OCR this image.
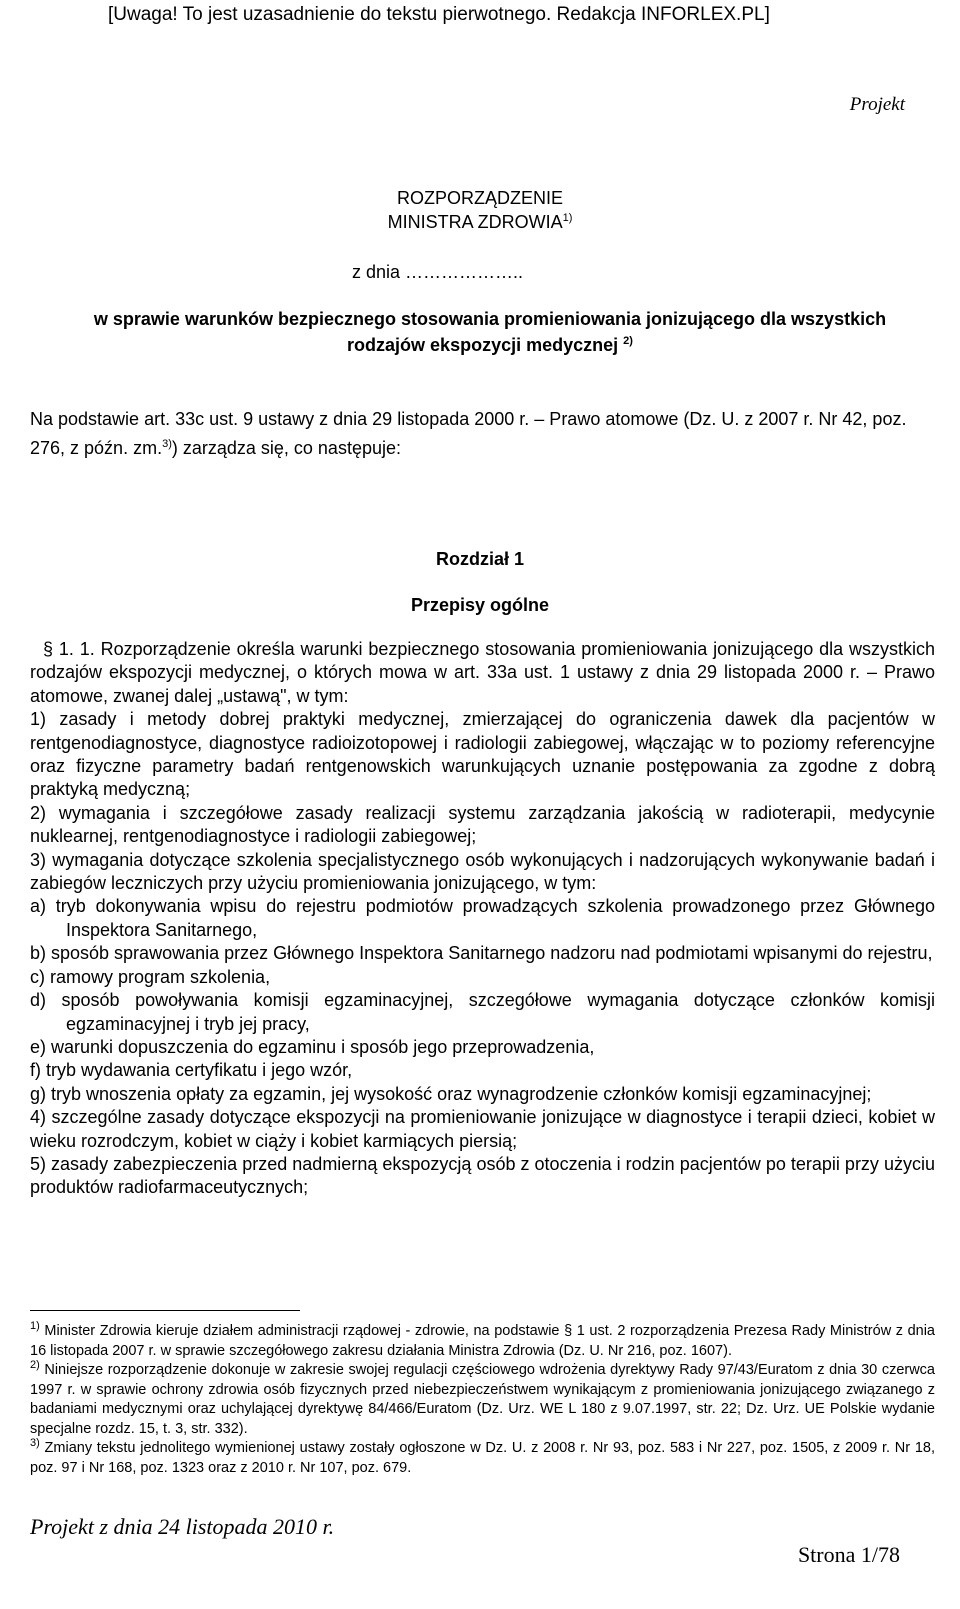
[Uwaga! To jest uzasadnienie do tekstu pierwotnego. Redakcja INFORLEX.PL]
Projekt
ROZPORZĄDZENIE
MINISTRA ZDROWIA$^{1)}$
z dnia ………………..
w sprawie warunków bezpiecznego stosowania promieniowania jonizującego dla wszystkich
rodzajów ekspozycji medycznej $^{2)}$
Na podstawie art. 33c ust. 9 ustawy z dnia 29 listopada 2000 r. – Prawo atomowe (Dz. U. z 2007 r. Nr 42, poz. 276, z późn. zm.$^{3)}$) zarządza się, co następuje:
Rozdział 1
Przepisy ogólne

§ 1. 1. Rozporządzenie określa warunki bezpiecznego stosowania promieniowania jonizującego dla wszystkich rodzajów ekspozycji medycznej, o których mowa w art. 33a ust. 1 ustawy z dnia 29 listopada 2000 r. – Prawo atomowe, zwanej dalej „ustawą", w tym:

1) zasady i metody dobrej praktyki medycznej, zmierzającej do ograniczenia dawek dla pacjentów w rentgenodiagnostyce, diagnostyce radioizotopowej i radiologii zabiegowej, włączając w to poziomy referencyjne oraz fizyczne parametry badań rentgenowskich warunkujących uznanie postępowania za zgodne z dobrą praktyką medyczną;

2) wymagania i szczegółowe zasady realizacji systemu zarządzania jakością w radioterapii, medycynie nuklearnej, rentgenodiagnostyce i radiologii zabiegowej;

3) wymagania dotyczące szkolenia specjalistycznego osób wykonujących i nadzorujących wykonywanie badań i zabiegów leczniczych przy użyciu promieniowania jonizującego, w tym:

a) tryb dokonywania wpisu do rejestru podmiotów prowadzących szkolenia prowadzonego przez Głównego Inspektora Sanitarnego,

b) sposób sprawowania przez Głównego Inspektora Sanitarnego nadzoru nad podmiotami wpisanymi do rejestru,

c) ramowy program szkolenia,

d) sposób powoływania komisji egzaminacyjnej, szczegółowe wymagania dotyczące członków komisji egzaminacyjnej i tryb jej pracy,

e) warunki dopuszczenia do egzaminu i sposób jego przeprowadzenia,

f) tryb wydawania certyfikatu i jego wzór,

g) tryb wnoszenia opłaty za egzamin, jej wysokość oraz wynagrodzenie członków komisji egzaminacyjnej;

4) szczególne zasady dotyczące ekspozycji na promieniowanie jonizujące w diagnostyce i terapii dzieci, kobiet w wieku rozrodczym, kobiet w ciąży i kobiet karmiących piersią;

5) zasady zabezpieczenia przed nadmierną ekspozycją osób z otoczenia i rodzin pacjentów po terapii przy użyciu produktów radiofarmaceutycznych;

$^{1)}$ Minister Zdrowia kieruje działem administracji rządowej - zdrowie, na podstawie § 1 ust. 2 rozporządzenia Prezesa Rady Ministrów z dnia 16 listopada 2007 r. w sprawie szczegółowego zakresu działania Ministra Zdrowia (Dz. U. Nr 216, poz. 1607).

$^{2)}$ Niniejsze rozporządzenie dokonuje w zakresie swojej regulacji częściowego wdrożenia dyrektywy Rady 97/43/Euratom z dnia 30 czerwca 1997 r. w sprawie ochrony zdrowia osób fizycznych przed niebezpieczeństwem wynikającym z promieniowania jonizującego związanego z badaniami medycznymi oraz uchylającej dyrektywę 84/466/Euratom (Dz. Urz. WE L 180 z 9.07.1997, str. 22; Dz. Urz. UE Polskie wydanie specjalne rozdz. 15, t. 3, str. 332).

$^{3)}$ Zmiany tekstu jednolitego wymienionej ustawy zostały ogłoszone w Dz. U. z 2008 r. Nr 93, poz. 583 i Nr 227, poz. 1505, z 2009 r. Nr 18, poz. 97 i Nr 168, poz. 1323 oraz z 2010 r. Nr 107, poz. 679.

Projekt z dnia 24 listopada 2010 r.
Strona 1/78
